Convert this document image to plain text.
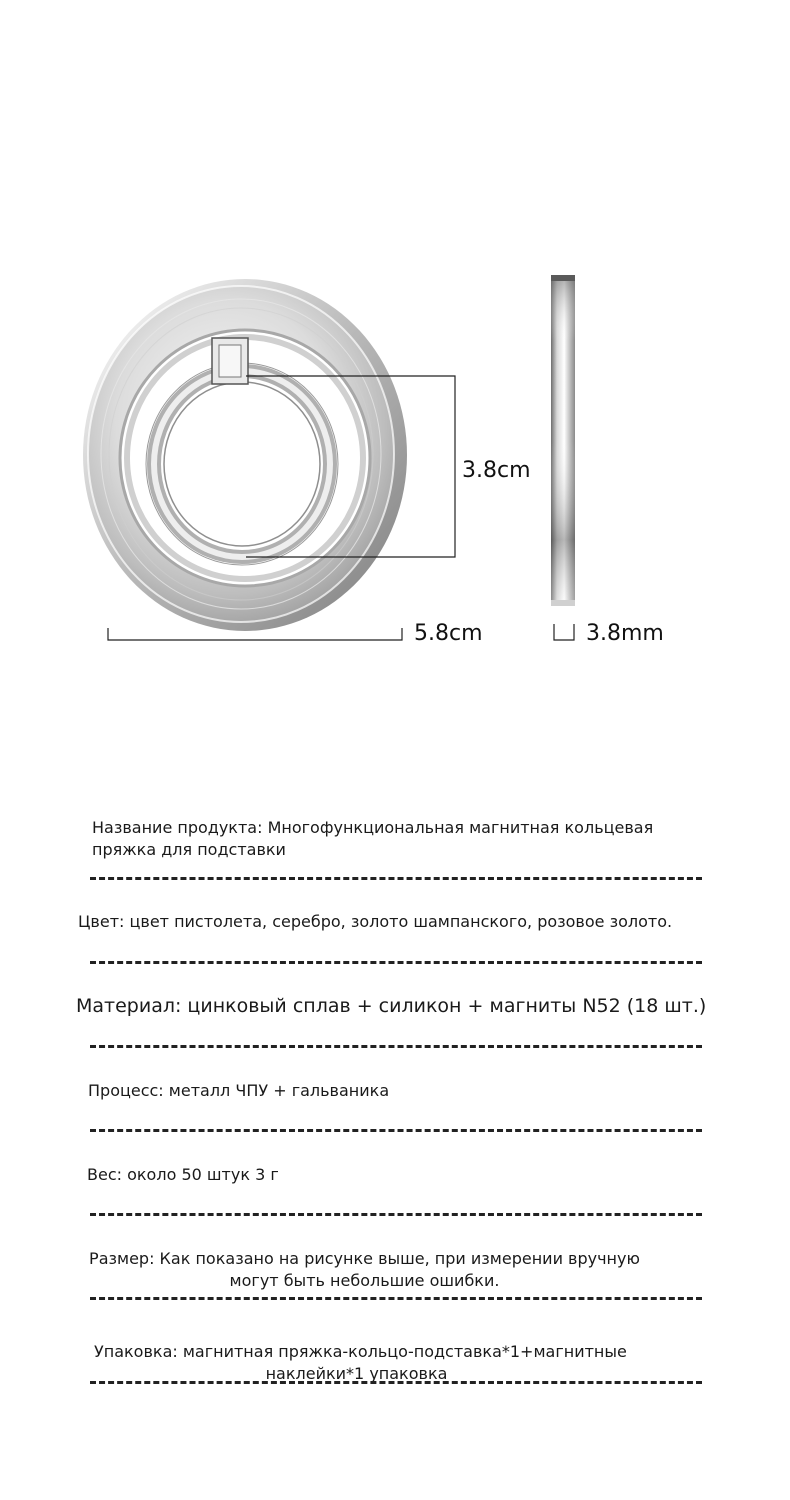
3.8cm
5.8cm	3.8mm
Название продукта: Многофункциональная магнитная кольцевая
пряжка для подставки
Цвет: цвет пистолета, серебро, золото шампанского, розовое золото.
Материал: цинковый сплав + силикон + магниты N52 (18 шт.)
Процесс: металл ЧПУ + гальваника
Вес: около 50 штук 3 г
Размер: Как показано на рисунке выше, при измерении вручную
могут быть небольшие ошибки.
Упаковка: магнитная пряжка-кольцо-подставка*1+магнитные
наклейки*1 упаковка
